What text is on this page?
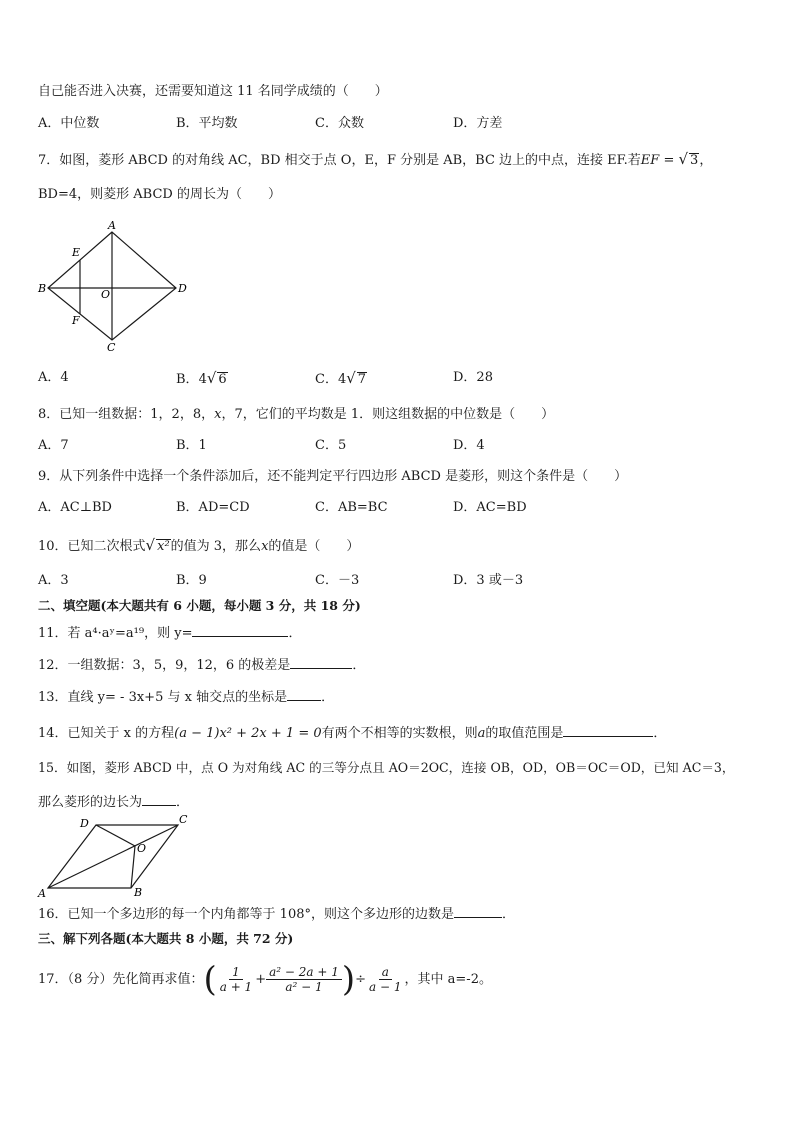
自己能否进入决赛，还需要知道这 11 名同学成绩的（　　）
A．中位数	B．平均数	C．众数	D．方差
7．如图，菱形 ABCD 的对角线 AC，BD 相交于点 O，E，F 分别是 AB，BC 边上的中点，连接 EF.若EF = √ 3，
BD=4，则菱形 ABCD 的周长为（　　）
A
B
C
D
E
F
O
A．4	B．4√ 6	C．4√ 7	D．28
8．已知一组数据：1，2，8，x，7，它们的平均数是 1．则这组数据的中位数是（　　）
A．7	B．1	C．5	D．4
9．从下列条件中选择一个条件添加后，还不能判定平行四边形 ABCD 是菱形，则这个条件是（　　）
A．AC⊥BD	B．AD=CD	C．AB=BC	D．AC=BD
10．已知二次根式√ x²的值为 3，那么x的值是（　　）
A．3	B．9	C．－3	D．3 或－3
二、填空题(本大题共有 6 小题，每小题 3 分，共 18 分)
11．若 a⁴·aʸ=a¹⁹，则 y=	．
12．一组数据：3，5，9，12，6 的极差是	．
13．直线 y= - 3x+5 与 x 轴交点的坐标是	．
14．已知关于 x 的方程(a − 1)x² + 2x + 1 = 0有两个不相等的实数根，则a的取值范围是	．
15．如图，菱形 ABCD 中，点 O 为对角线 AC 的三等分点且 AO＝2OC，连接 OB，OD，OB＝OC＝OD，已知 AC＝3，
那么菱形的边长为	．
A	B
C
D
O
16．已知一个多边形的每一个内角都等于 108°，则这个多边形的边数是	．
三、解下列各题(本大题共 8 小题，共 72 分)
17．（8 分）先化简再求值：( $\frac{1}{a + 1} + \frac{\text{a² − 2a + 1}}{\text{a² − 1}}$ )÷ $\frac{a}{a - 1}$ ，其中 a=-2。
